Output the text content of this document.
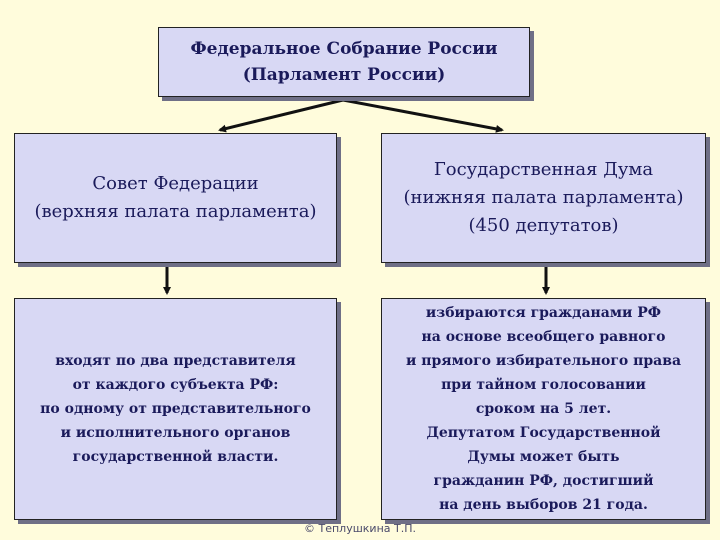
Федеральное Собрание России
(Парламент России)
Совет Федерации
(верхняя палата парламента)
Государственная Дума
(нижняя палата парламента)
(450 депутатов)
входят по два представителя
от каждого субъекта РФ:
по одному от представительного
и исполнительного органов
государственной власти.
избираются гражданами РФ
на основе всеобщего равного
и прямого избирательного права
при тайном голосовании
сроком на 5 лет.
Депутатом Государственной
Думы может быть
гражданин РФ, достигший
на день выборов 21 года.
© Теплушкина Т.П.
